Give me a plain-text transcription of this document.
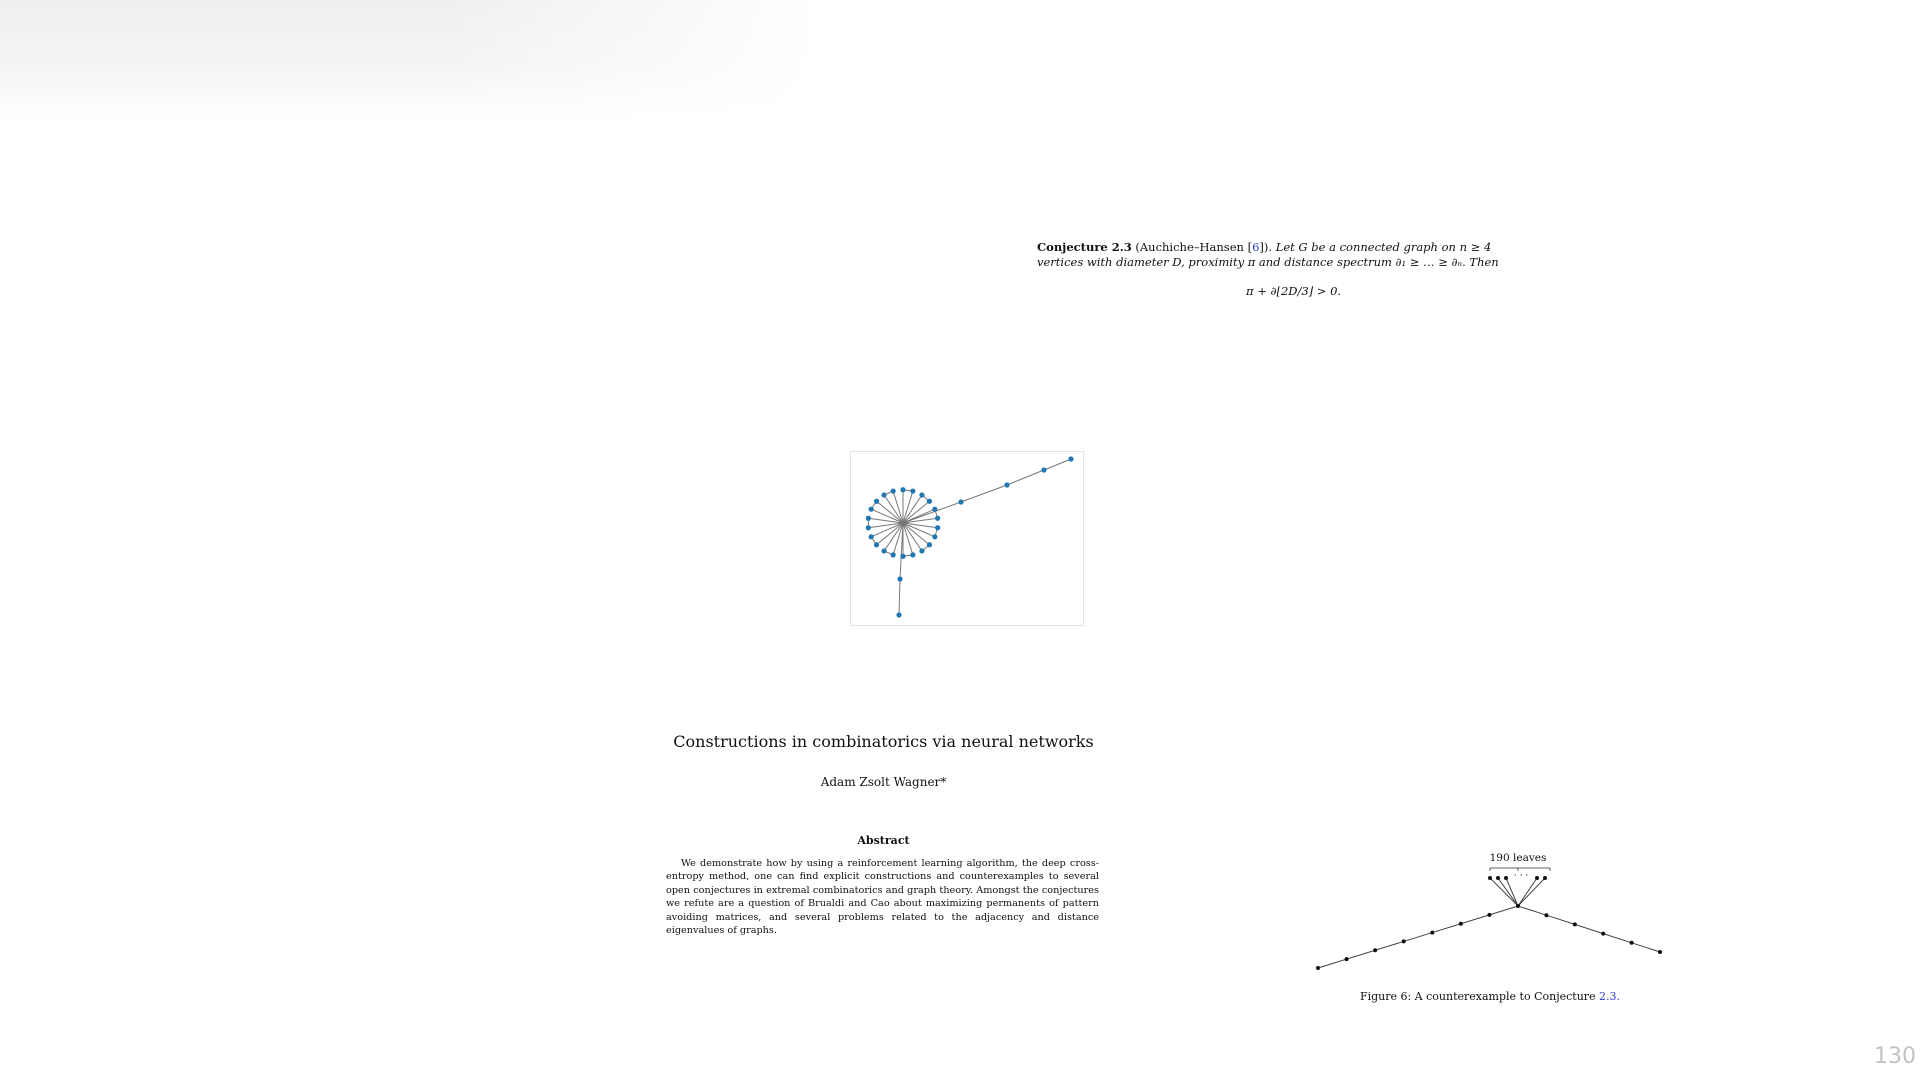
Conjecture 2.3 (Auchiche–Hansen [6]). Let G be a connected graph on n ≥ 4 vertices with diameter D, proximity π and distance spectrum ∂₁ ≥ … ≥ ∂ₙ. Then
π + ∂⌊2D/3⌋ > 0.
Constructions in combinatorics via neural networks
Adam Zsolt Wagner*
Abstract
We demonstrate how by using a reinforcement learning algorithm, the deep cross-entropy method, one can find explicit constructions and counterexamples to several open conjectures in extremal combinatorics and graph theory. Amongst the conjectures we refute are a question of Brualdi and Cao about maximizing permanents of pattern avoiding matrices, and several problems related to the adjacency and distance eigenvalues of graphs.
190 leaves
· · ·
Figure 6: A counterexample to Conjecture 2.3.
130
